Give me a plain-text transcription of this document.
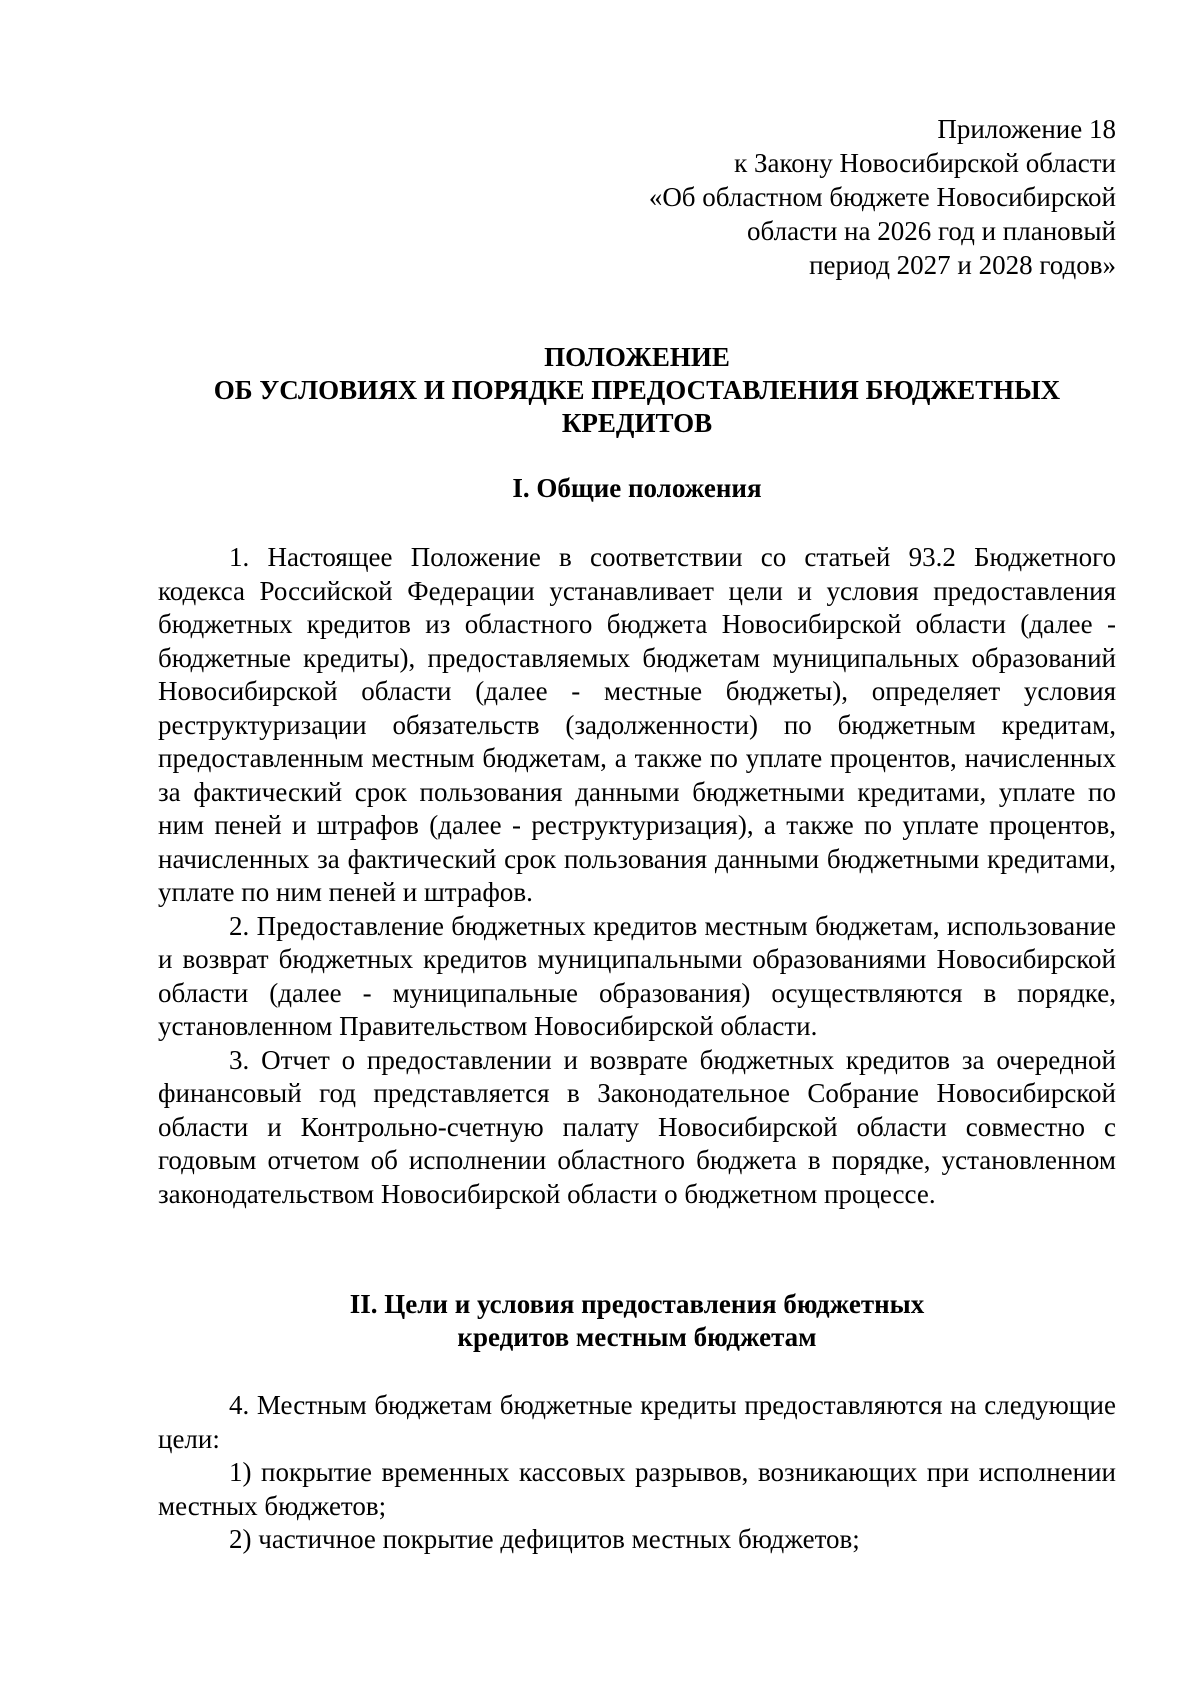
Приложение 18
к Закону Новосибирской области
«Об областном бюджете Новосибирской
области на 2026 год и плановый
период 2027 и 2028 годов»
ПОЛОЖЕНИЕ
ОБ УСЛОВИЯХ И ПОРЯДКЕ ПРЕДОСТАВЛЕНИЯ БЮДЖЕТНЫХ
КРЕДИТОВ
I. Общие положения

1. Настоящее Положение в соответствии со статьей 93.2 Бюджетного кодекса Российской Федерации устанавливает цели и условия предоставления бюджетных кредитов из областного бюджета Новосибирской области (далее - бюджетные кредиты), предоставляемых бюджетам муниципальных образований Новосибирской области (далее - местные бюджеты), определяет условия реструктуризации обязательств (задолженности) по бюджетным кредитам, предоставленным местным бюджетам, а также по уплате процентов, начисленных за фактический срок пользования данными бюджетными кредитами, уплате по ним пеней и штрафов (далее - реструктуризация), а также по уплате процентов, начисленных за фактический срок пользования данными бюджетными кредитами, уплате по ним пеней и штрафов.

2. Предоставление бюджетных кредитов местным бюджетам, использование и возврат бюджетных кредитов муниципальными образованиями Новосибирской области (далее - муниципальные образования) осуществляются в порядке, установленном Правительством Новосибирской области.

3. Отчет о предоставлении и возврате бюджетных кредитов за очередной финансовый год представляется в Законодательное Собрание Новосибирской области и Контрольно-счетную палату Новосибирской области совместно с годовым отчетом об исполнении областного бюджета в порядке, установленном законодательством Новосибирской области о бюджетном процессе.

II. Цели и условия предоставления бюджетных
кредитов местным бюджетам

4. Местным бюджетам бюджетные кредиты предоставляются на следующие цели:

1) покрытие временных кассовых разрывов, возникающих при исполнении местных бюджетов;

2) частичное покрытие дефицитов местных бюджетов;
